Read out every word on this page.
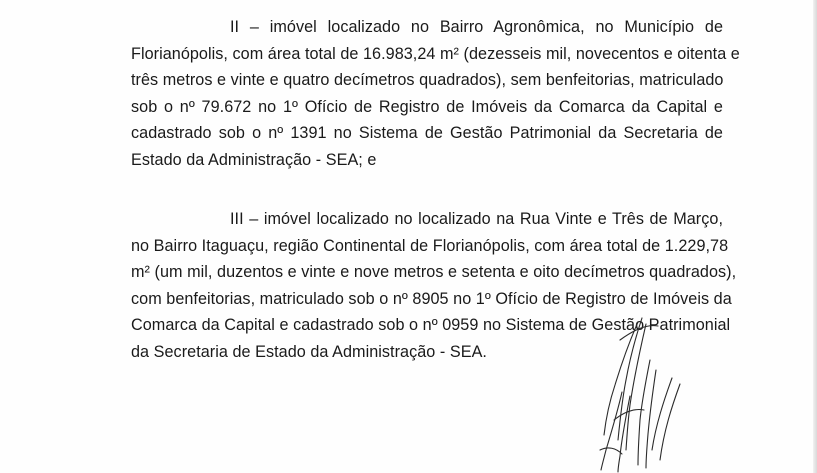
II – imóvel localizado no Bairro Agronômica, no Município de
Florianópolis, com área total de 16.983,24 m² (dezesseis mil, novecentos e oitenta e
três metros e vinte e quatro decímetros quadrados), sem benfeitorias, matriculado
sob o nº 79.672 no 1º Ofício de Registro de Imóveis da Comarca da Capital e
cadastrado sob o nº 1391 no Sistema de Gestão Patrimonial da Secretaria de
Estado da Administração - SEA; e

III – imóvel localizado no localizado na Rua Vinte e Três de Março,
no Bairro Itaguaçu, região Continental de Florianópolis, com área total de 1.229,78
m² (um mil, duzentos e vinte e nove metros e setenta e oito decímetros quadrados),
com benfeitorias, matriculado sob o nº 8905 no 1º Ofício de Registro de Imóveis da
Comarca da Capital e cadastrado sob o nº 0959 no Sistema de Gestão Patrimonial
da Secretaria de Estado da Administração - SEA.
